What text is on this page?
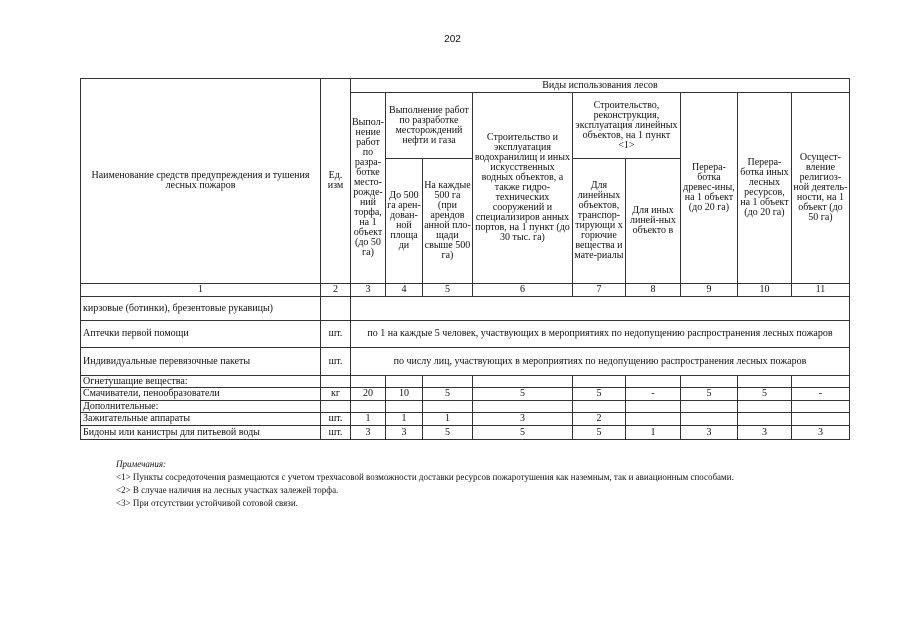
202
Наименование средств предупреждения и тушения лесных пожаров	Ед. изм	Виды использования лесов								
		Выпол-нение работ по разра-ботке место-рожде-ний торфа, на 1 объект (до 50 га)	Выполнение работ по разработке месторождений нефти и газа		Строительство и эксплуатация водохранилищ и иных искусственных водных объектов, а также гидро-технических сооружений и специализиров анных портов, на 1 пункт (до 30 тыс. га)	Строительство, реконструкция, эксплуатация линейных объектов, на 1 пункт <1>		Перера-ботка древес-ины, на 1 объект (до 20 га)	Перера-ботка иных лесных ресурсов, на 1 объект (до 20 га)	Осущест-вление религиоз-ной деятель-ности, на 1 объект (до 50 га)
			До 500 га арен-дован-ной площа ди	На каждые 500 га (при арендов анной пло-щади свыше 500 га)		Для линейных объектов, транспор-тирующи х горючие вещества и мате-риалы	Для иных линей-ных объекто в			
1	2	3	4	5	6	7	8	9	10	11
кирзовые (ботинки), брезентовые рукавицы)										
Аптечки первой помощи	шт.	по 1 на каждые 5 человек, участвующих в мероприятиях по недопущению распространения лесных пожаров								
Индивидуальные перевязочные пакеты	шт.	по числу лиц, участвующих в мероприятиях по недопущению распространения лесных пожаров								
Огнетушащие вещества:										
Смачиватели, пенообразователи	кг	20	10	5	5	5	-	5	5	-
Дополнительные:										
Зажигательные аппараты	шт.	1	1	1	3	2				
Бидоны или канистры для питьевой воды	шт.	3	3	5	5	5	1	3	3	3
Примечания:

<1> Пункты сосредоточения размещаются с учетом трехчасовой возможности доставки ресурсов пожаротушения как наземным, так и авиационным способами.

<2> В случае наличия на лесных участках залежей торфа.

<3> При отсутствии устойчивой сотовой связи.
